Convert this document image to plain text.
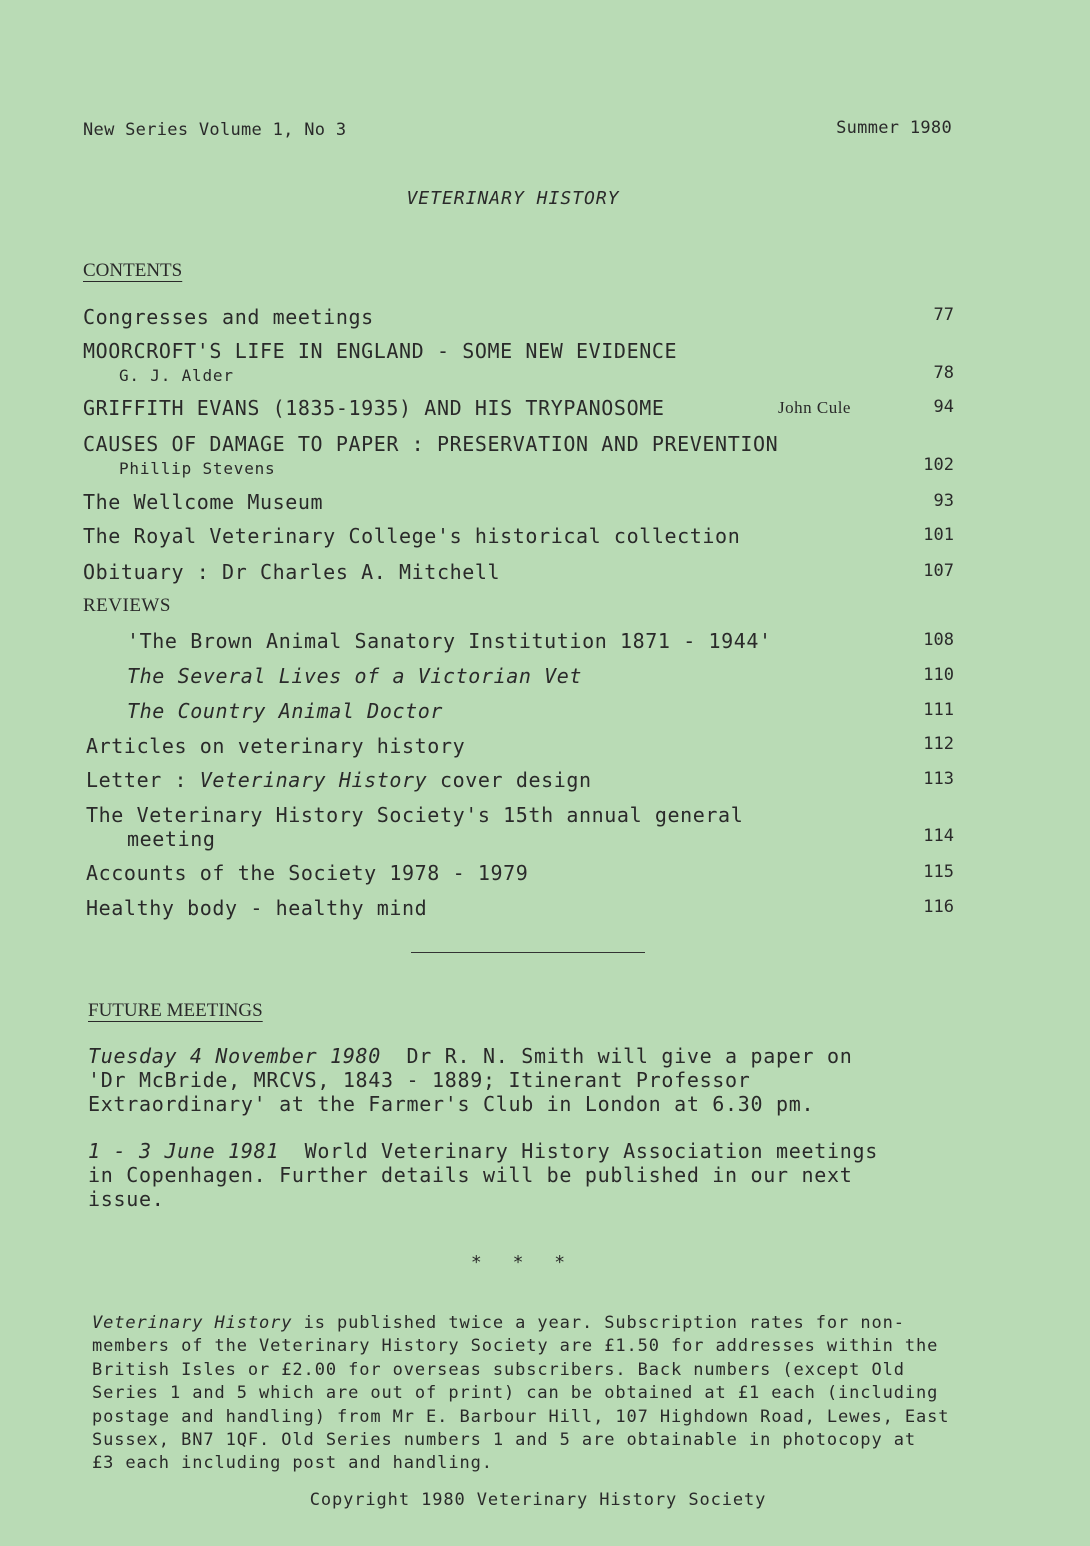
New Series Volume 1, No 3	Summer 1980
VETERINARY HISTORY
CONTENTS
Congresses and meetings	77
MOORCROFT'S LIFE IN ENGLAND - SOME NEW EVIDENCE
G. J. Alder	78
GRIFFITH EVANS (1835-1935) AND HIS TRYPANOSOME	John Cule	94
CAUSES OF DAMAGE TO PAPER : PRESERVATION AND PREVENTION
Phillip Stevens	102
The Wellcome Museum	93
The Royal Veterinary College's historical collection	101
Obituary : Dr Charles A. Mitchell	107
REVIEWS
'The Brown Animal Sanatory Institution 1871 - 1944'	108
The Several Lives of a Victorian Vet	110
The Country Animal Doctor	111
Articles on veterinary history	112
Letter : Veterinary History cover design	113
The Veterinary History Society's 15th annual general
meeting	114
Accounts of the Society 1978 - 1979	115
Healthy body - healthy mind	116
FUTURE MEETINGS
Tuesday 4 November 1980 Dr R. N. Smith will give a paper on
'Dr McBride, MRCVS, 1843 - 1889; Itinerant Professor
Extraordinary' at the Farmer's Club in London at 6.30 pm.
1 - 3 June 1981 World Veterinary History Association meetings
in Copenhagen. Further details will be published in our next
issue.
* * *
Veterinary History is published twice a year. Subscription rates for non-
members of the Veterinary History Society are £1.50 for addresses within the
British Isles or £2.00 for overseas subscribers. Back numbers (except Old
Series 1 and 5 which are out of print) can be obtained at £1 each (including
postage and handling) from Mr E. Barbour Hill, 107 Highdown Road, Lewes, East
Sussex, BN7 1QF. Old Series numbers 1 and 5 are obtainable in photocopy at
£3 each including post and handling.
Copyright 1980 Veterinary History Society
